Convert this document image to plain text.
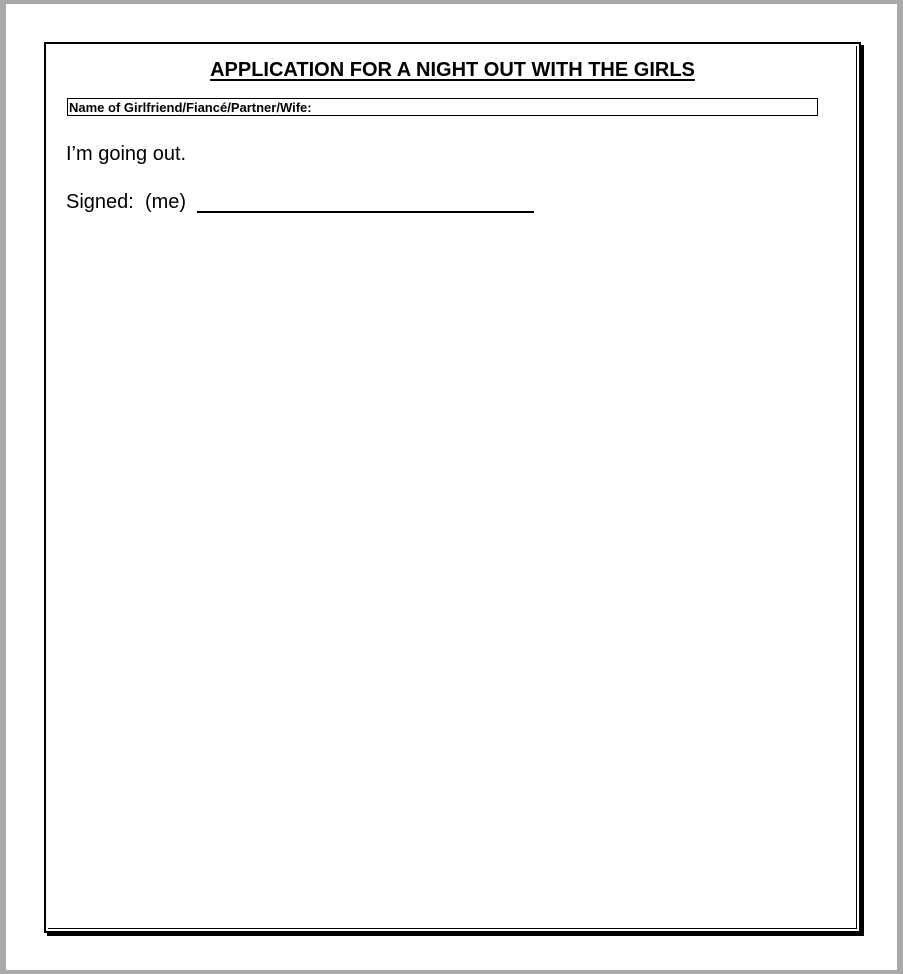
APPLICATION FOR A NIGHT OUT WITH THE GIRLS
Name of Girlfriend/Fiancé/Partner/Wife:

I’m going out.

Signed: (me)
